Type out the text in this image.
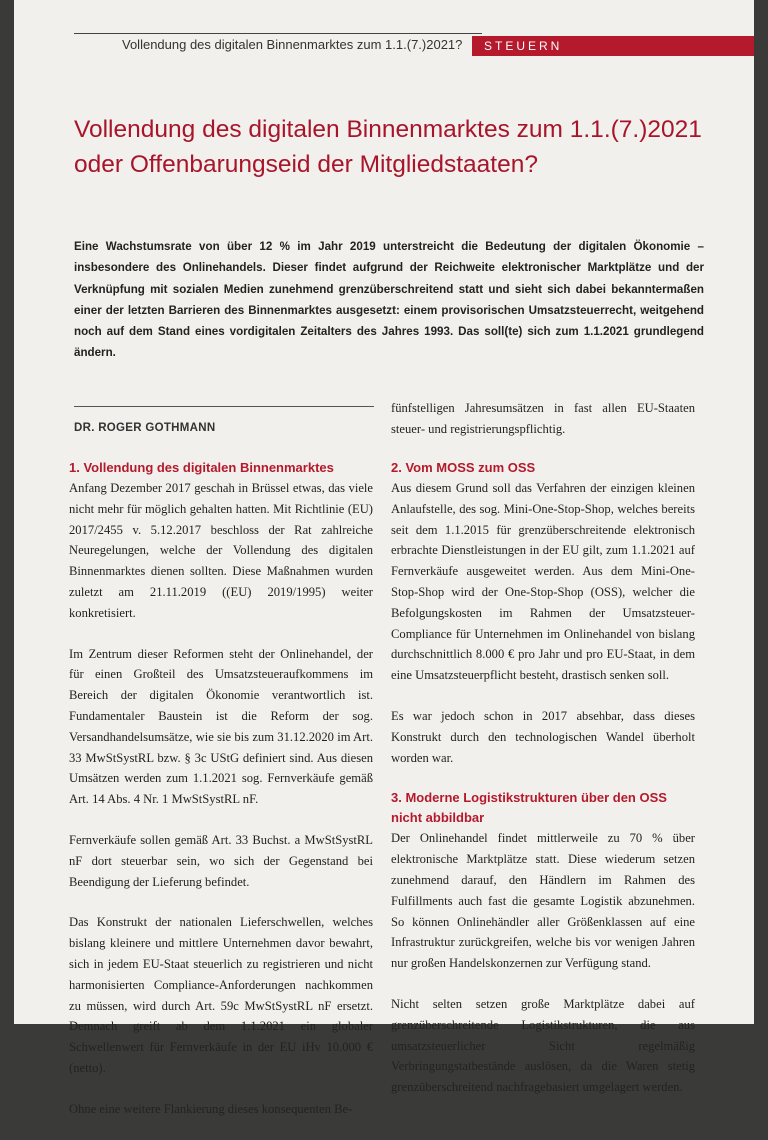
Vollendung des digitalen Binnenmarktes zum 1.1.(7.)2021?	STEUERN
Vollendung des digitalen Binnenmarktes zum 1.1.(7.)2021 oder Offenbarungseid der Mitgliedstaaten?

Eine Wachstumsrate von über 12 % im Jahr 2019 unterstreicht die Bedeutung der digitalen Ökonomie – insbesondere des Onlinehandels. Dieser findet aufgrund der Reichweite elektronischer Marktplätze und der Verknüpfung mit sozialen Medien zunehmend grenzüberschreitend statt und sieht sich dabei bekanntermaßen einer der letzten Barrieren des Binnenmarktes ausgesetzt: einem provisorischen Umsatzsteuerrecht, weitgehend noch auf dem Stand eines vordigitalen Zeitalters des Jahres 1993. Das soll(te) sich zum 1.1.2021 grundlegend ändern.

DR. ROGER GOTHMANN
1. Vollendung des digitalen Binnenmarktes

Anfang Dezember 2017 geschah in Brüssel etwas, das viele nicht mehr für möglich gehalten hatten. Mit Richtlinie (EU) 2017/2455 v. 5.12.2017 beschloss der Rat zahlreiche Neuregelungen, welche der Vollendung des digitalen Binnenmarktes dienen sollten. Diese Maßnahmen wurden zuletzt am 21.11.2019 ((EU) 2019/1995) weiter konkretisiert.

Im Zentrum dieser Reformen steht der Onlinehandel, der für einen Großteil des Umsatzsteueraufkommens im Bereich der digitalen Ökonomie verantwortlich ist. Fundamentaler Baustein ist die Reform der sog. Versandhandelsumsätze, wie sie bis zum 31.12.2020 im Art. 33 MwStSystRL bzw. § 3c UStG definiert sind. Aus diesen Umsätzen werden zum 1.1.2021 sog. Fernverkäufe gemäß Art. 14 Abs. 4 Nr. 1 MwStSystRL nF.

Fernverkäufe sollen gemäß Art. 33 Buchst. a MwStSystRL nF dort steuerbar sein, wo sich der Gegenstand bei Beendigung der Lieferung befindet.

Das Konstrukt der nationalen Lieferschwellen, welches bislang kleinere und mittlere Unternehmen davor bewahrt, sich in jedem EU-Staat steuerlich zu registrieren und nicht harmonisierten Compliance-Anforderungen nachkommen zu müssen, wird durch Art. 59c MwStSystRL nF ersetzt. Demnach greift ab dem 1.1.2021 ein globaler Schwellenwert für Fernverkäufe in der EU iHv 10.000 € (netto).

Ohne eine weitere Flankierung dieses konsequenten Be-

fünfstelligen Jahresumsätzen in fast allen EU-Staaten steuer- und registrierungspflichtig.

2. Vom MOSS zum OSS

Aus diesem Grund soll das Verfahren der einzigen kleinen Anlaufstelle, des sog. Mini-One-Stop-Shop, welches bereits seit dem 1.1.2015 für grenzüberschreitende elektronisch erbrachte Dienstleistungen in der EU gilt, zum 1.1.2021 auf Fernverkäufe ausgeweitet werden. Aus dem Mini-One-Stop-Shop wird der One-Stop-Shop (OSS), welcher die Befolgungskosten im Rahmen der Umsatzsteuer-Compliance für Unternehmen im Onlinehandel von bislang durchschnittlich 8.000 € pro Jahr und pro EU-Staat, in dem eine Umsatzsteuerpflicht besteht, drastisch senken soll.

Es war jedoch schon in 2017 absehbar, dass dieses Konstrukt durch den technologischen Wandel überholt worden war.

3. Moderne Logistikstrukturen über den OSS nicht abbildbar

Der Onlinehandel findet mittlerweile zu 70 % über elektronische Marktplätze statt. Diese wiederum setzen zunehmend darauf, den Händlern im Rahmen des Fulfillments auch fast die gesamte Logistik abzunehmen. So können Onlinehändler aller Größenklassen auf eine Infrastruktur zurückgreifen, welche bis vor wenigen Jahren nur großen Handelskonzernen zur Verfügung stand.

Nicht selten setzen große Marktplätze dabei auf grenzüberschreitende Logistikstrukturen, die aus umsatzsteuerlicher Sicht regelmäßig Verbringungstatbestände auslösen, da die Waren stetig grenzüberschreitend nachfragebasiert umgelagert werden.
